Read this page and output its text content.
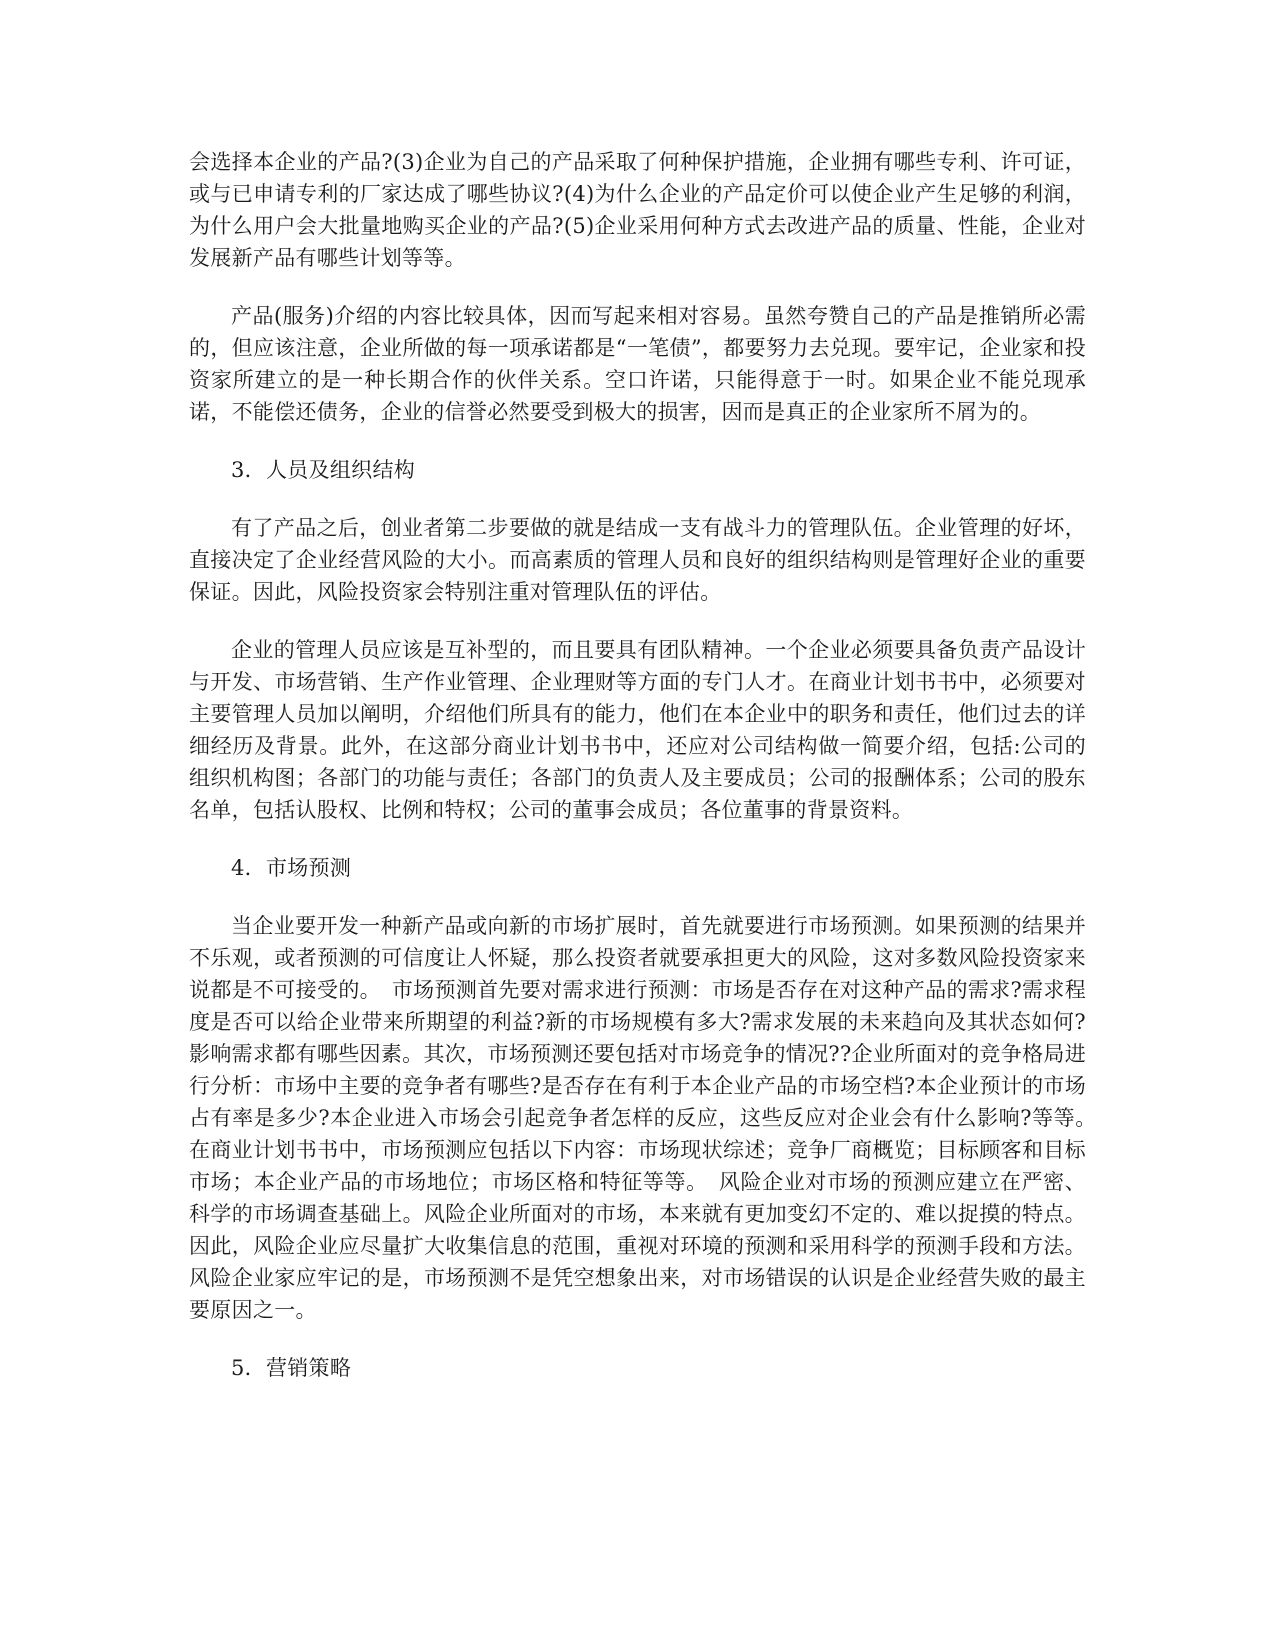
会选择本企业的产品?(3)企业为自己的产品采取了何种保护措施，企业拥有哪些专利、许可证，或与已申请专利的厂家达成了哪些协议?(4)为什么企业的产品定价可以使企业产生足够的利润，为什么用户会大批量地购买企业的产品?(5)企业采用何种方式去改进产品的质量、性能，企业对发展新产品有哪些计划等等。

产品(服务)介绍的内容比较具体，因而写起来相对容易。虽然夸赞自己的产品是推销所必需的，但应该注意，企业所做的每一项承诺都是“一笔债”，都要努力去兑现。要牢记，企业家和投资家所建立的是一种长期合作的伙伴关系。空口许诺，只能得意于一时。如果企业不能兑现承诺，不能偿还债务，企业的信誉必然要受到极大的损害，因而是真正的企业家所不屑为的。

3．人员及组织结构

有了产品之后，创业者第二步要做的就是结成一支有战斗力的管理队伍。企业管理的好坏，直接决定了企业经营风险的大小。而高素质的管理人员和良好的组织结构则是管理好企业的重要保证。因此，风险投资家会特别注重对管理队伍的评估。

企业的管理人员应该是互补型的，而且要具有团队精神。一个企业必须要具备负责产品设计与开发、市场营销、生产作业管理、企业理财等方面的专门人才。在商业计划书书中，必须要对主要管理人员加以阐明，介绍他们所具有的能力，他们在本企业中的职务和责任，他们过去的详细经历及背景。此外，在这部分商业计划书书中，还应对公司结构做一简要介绍，包括:公司的组织机构图；各部门的功能与责任；各部门的负责人及主要成员；公司的报酬体系；公司的股东名单，包括认股权、比例和特权；公司的董事会成员；各位董事的背景资料。

4．市场预测

当企业要开发一种新产品或向新的市场扩展时，首先就要进行市场预测。如果预测的结果并不乐观，或者预测的可信度让人怀疑，那么投资者就要承担更大的风险，这对多数风险投资家来说都是不可接受的。　市场预测首先要对需求进行预测：市场是否存在对这种产品的需求?需求程度是否可以给企业带来所期望的利益?新的市场规模有多大?需求发展的未来趋向及其状态如何?影响需求都有哪些因素。其次，市场预测还要包括对市场竞争的情况??企业所面对的竞争格局进行分析：市场中主要的竞争者有哪些?是否存在有利于本企业产品的市场空档?本企业预计的市场占有率是多少?本企业进入市场会引起竞争者怎样的反应，这些反应对企业会有什么影响?等等。　在商业计划书书中，市场预测应包括以下内容：市场现状综述；竞争厂商概览；目标顾客和目标市场；本企业产品的市场地位；市场区格和特征等等。　风险企业对市场的预测应建立在严密、科学的市场调查基础上。风险企业所面对的市场，本来就有更加变幻不定的、难以捉摸的特点。因此，风险企业应尽量扩大收集信息的范围，重视对环境的预测和采用科学的预测手段和方法。风险企业家应牢记的是，市场预测不是凭空想象出来，对市场错误的认识是企业经营失败的最主要原因之一。

5．营销策略
